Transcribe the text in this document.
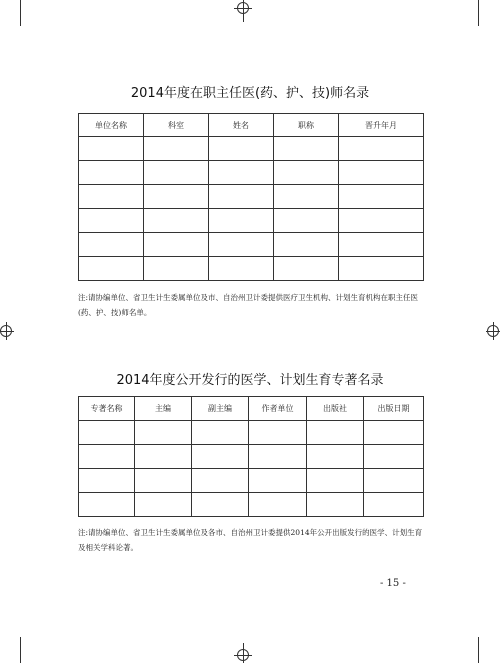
2014年度在职主任医(药、护、技)师名录
单位名称	科室	姓名	职称	晋升年月

注:请协编单位、省卫生计生委属单位及市、自治州卫计委提供医疗卫生机构、计划生育机构在职主任医(药、护、技)师名单。
2014年度公开发行的医学、计划生育专著名录
专著名称	主编	副主编	作者单位	出版社	出版日期

注:请协编单位、省卫生计生委属单位及各市、自治州卫计委提供2014年公开出版发行的医学、计划生育及相关学科论著。
- 15 -
